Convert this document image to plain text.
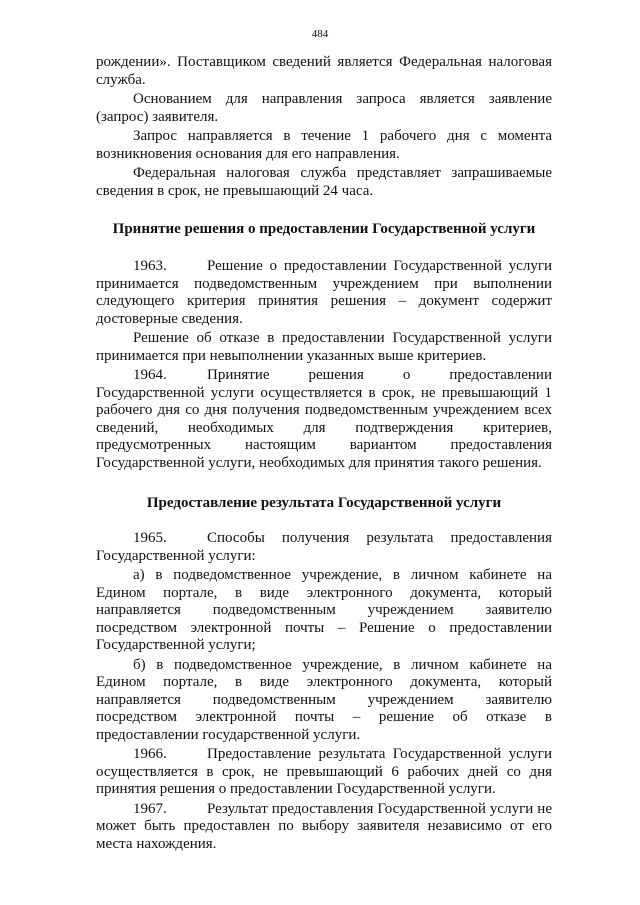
484

рождении». Поставщиком сведений является Федеральная налоговая служба.

Основанием для направления запроса является заявление (запрос) заявителя.

Запрос направляется в течение 1 рабочего дня с момента возникновения основания для его направления.

Федеральная налоговая служба представляет запрашиваемые сведения в срок, не превышающий 24 часа.

Принятие решения о предоставлении Государственной услуги

1963.	Решение о предоставлении Государственной услуги принимается подведомственным учреждением при выполнении следующего критерия принятия решения – документ содержит достоверные сведения.

Решение об отказе в предоставлении Государственной услуги принимается при невыполнении указанных выше критериев.

1964.	Принятие решения о предоставлении Государственной услуги осуществляется в срок, не превышающий 1 рабочего дня со дня получения подведомственным учреждением всех сведений, необходимых для подтверждения критериев, предусмотренных настоящим вариантом предоставления Государственной услуги, необходимых для принятия такого решения.

Предоставление результата Государственной услуги

1965.	Способы получения результата предоставления Государственной услуги:

а) в подведомственное учреждение, в личном кабинете на Едином портале, в виде электронного документа, который направляется подведомственным учреждением заявителю посредством электронной почты – Решение о предоставлении Государственной услуги;

б) в подведомственное учреждение, в личном кабинете на Едином портале, в виде электронного документа, который направляется подведомственным учреждением заявителю посредством электронной почты – решение об отказе в предоставлении государственной услуги.

1966.	Предоставление результата Государственной услуги осуществляется в срок, не превышающий 6 рабочих дней со дня принятия решения о предоставлении Государственной услуги.

1967.	Результат предоставления Государственной услуги не может быть предоставлен по выбору заявителя независимо от его места нахождения.
